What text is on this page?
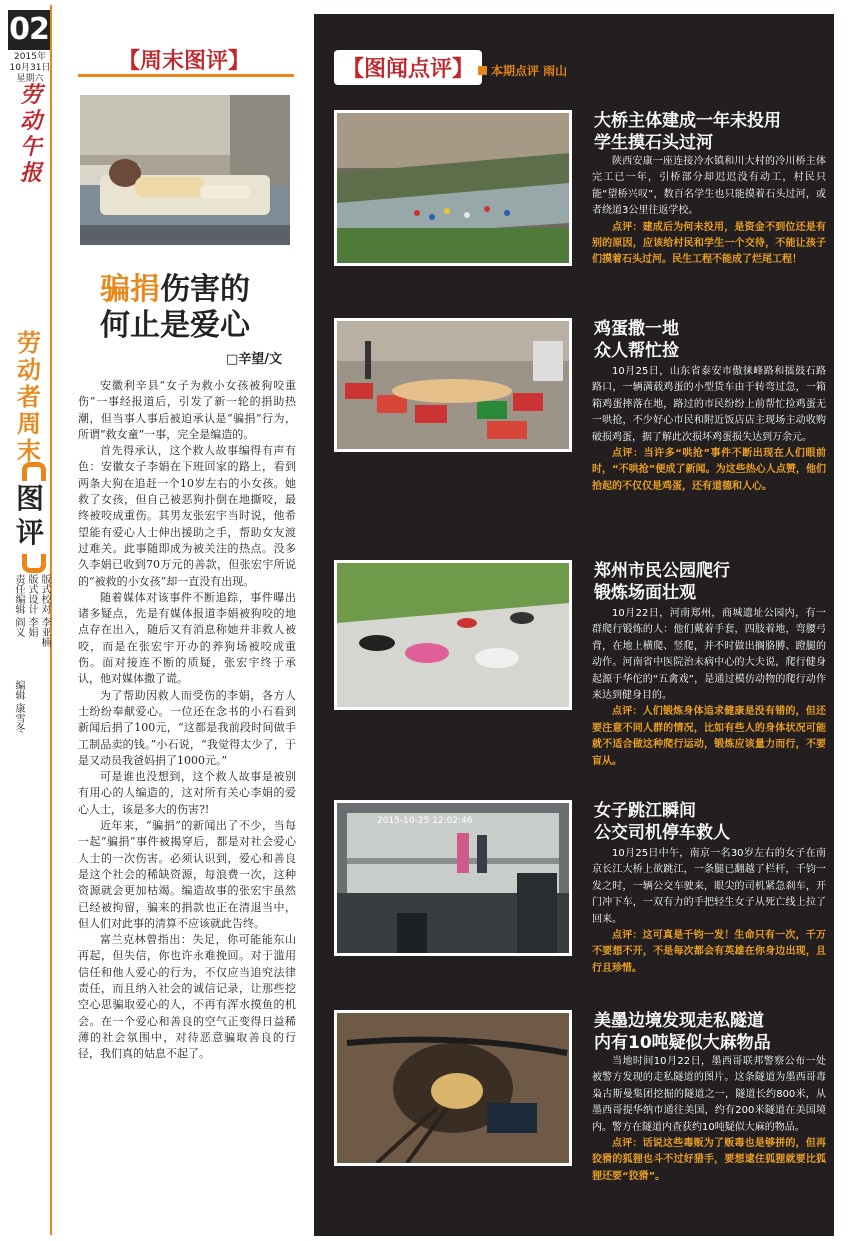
02
2015年
10月31日
星期六
劳
动
午
报
劳
动
者
周
末
图
评
责任编辑 阎义 版式设计 李娟 版式校对 李亚楠
编辑 康雪冬
【周末图评】
骗捐伤害的
何止是爱心
□辛望/文

安徽利辛县“女子为救小女孩被狗咬重伤”一事经报道后，引发了新一轮的捐助热潮，但当事人事后被迫承认是“骗捐”行为，所谓“救女童”一事，完全是编造的。

首先得承认，这个救人故事编得有声有色：安徽女子李娟在下班回家的路上，看到两条大狗在追赶一个10岁左右的小女孩。她救了女孩，但自己被恶狗扑倒在地撕咬，最终被咬成重伤。其男友张宏宇当时说，他希望能有爱心人士伸出援助之手，帮助女友渡过难关。此事随即成为被关注的热点。没多久李娟已收到70万元的善款，但张宏宇所说的“被救的小女孩”却一直没有出现。

随着媒体对该事件不断追踪，事件曝出诸多疑点，先是有媒体报道李娟被狗咬的地点存在出入，随后又有消息称她并非救人被咬，而是在张宏宇开办的养狗场被咬成重伤。面对接连不断的质疑，张宏宇终于承认，他对媒体撒了谎。

为了帮助因救人而受伤的李娟，各方人士纷纷奉献爱心。一位还在念书的小石看到新闻后捐了100元，“这都是我前段时间做手工制品卖的钱。”小石说，“我觉得太少了，于是又动员我爸妈捐了1000元。”

可是谁也没想到，这个救人故事是被别有用心的人编造的，这对所有关心李娟的爱心人士，该是多大的伤害?!

近年来，“骗捐”的新闻出了不少，当每一起“骗捐”事件被揭穿后，都是对社会爱心人士的一次伤害。必须认识到，爱心和善良是这个社会的稀缺资源，每浪费一次，这种资源就会更加枯竭。编造故事的张宏宇虽然已经被拘留，骗来的捐款也正在清退当中，但人们对此事的清算不应该就此告终。

富兰克林曾指出：失足，你可能能东山再起，但失信，你也许永难挽回。对于滥用信任和他人爱心的行为，不仅应当追究法律责任，而且纳入社会的诚信记录，让那些挖空心思骗取爱心的人，不再有浑水摸鱼的机会。在一个爱心和善良的空气正变得日益稀薄的社会氛围中，对待恶意骗取善良的行径，我们真的姑息不起了。

【图闻点评】	本期点评 雨山
大桥主体建成一年未投用
学生摸石头过河

陕西安康一座连接冷水镇和川大村的冷川桥主体完工已一年，引桥部分却迟迟没有动工，村民只能“望桥兴叹”，数百名学生也只能摸着石头过河，或者绕道3公里往返学校。

点评：建成后为何未投用，是资金不到位还是有别的原因，应该给村民和学生一个交待，不能让孩子们摸着石头过河。民生工程不能成了烂尾工程！

鸡蛋撒一地
众人帮忙捡

10月25日，山东省泰安市傲徕峰路和擂鼓石路路口，一辆满载鸡蛋的小型货车由于转弯过急，一箱箱鸡蛋摔落在地，路过的市民纷纷上前帮忙捡鸡蛋无一哄抢，不少好心市民和附近饭店店主现场主动收购破损鸡蛋，据了解此次损坏鸡蛋损失达到万余元。

点评：当许多“哄抢”事件不断出现在人们眼前时，“不哄抢”便成了新闻。为这些热心人点赞，他们拾起的不仅仅是鸡蛋，还有道德和人心。

郑州市民公园爬行
锻炼场面壮观

10月22日，河南郑州，商城遗址公园内，有一群爬行锻炼的人：他们戴着手套，四肢着地，弯腰弓背，在地上横爬、竖爬，并不时做出搁胳膊、蹬腿的动作。河南省中医院治未病中心的大夫说，爬行健身起源于华佗的“五禽戏”，是通过模仿动物的爬行动作来达到健身目的。

点评：人们锻炼身体追求健康是没有错的，但还要注意不同人群的情况，比如有些人的身体状况可能就不适合做这种爬行运动，锻炼应该量力而行，不要盲从。

2015-10-25 12:02:46	女子跳江瞬间
公交司机停车救人

10月25日中午，南京一名30岁左右的女子在南京长江大桥上欲跳江，一条腿已翻越了栏杆，千钧一发之时，一辆公交车驶来，眼尖的司机紧急刹车，开门冲下车，一双有力的手把轻生女子从死亡线上拉了回来。

点评：这可真是千钧一发！生命只有一次，千万不要想不开，不是每次都会有英雄在你身边出现，且行且珍惜。

美墨边境发现走私隧道
内有10吨疑似大麻物品

当地时间10月22日，墨西哥联邦警察公布一处被警方发现的走私隧道的图片。这条隧道为墨西哥毒枭古斯曼集团挖掘的隧道之一，隧道长约800米，从墨西哥提华纳市通往美国，约有200米隧道在美国境内。警方在隧道内查获约10吨疑似大麻的物品。

点评：话说这些毒贩为了贩毒也是够拼的，但再狡猾的狐狸也斗不过好猎手，要想逮住狐狸就要比狐狸还要“狡猾”。
